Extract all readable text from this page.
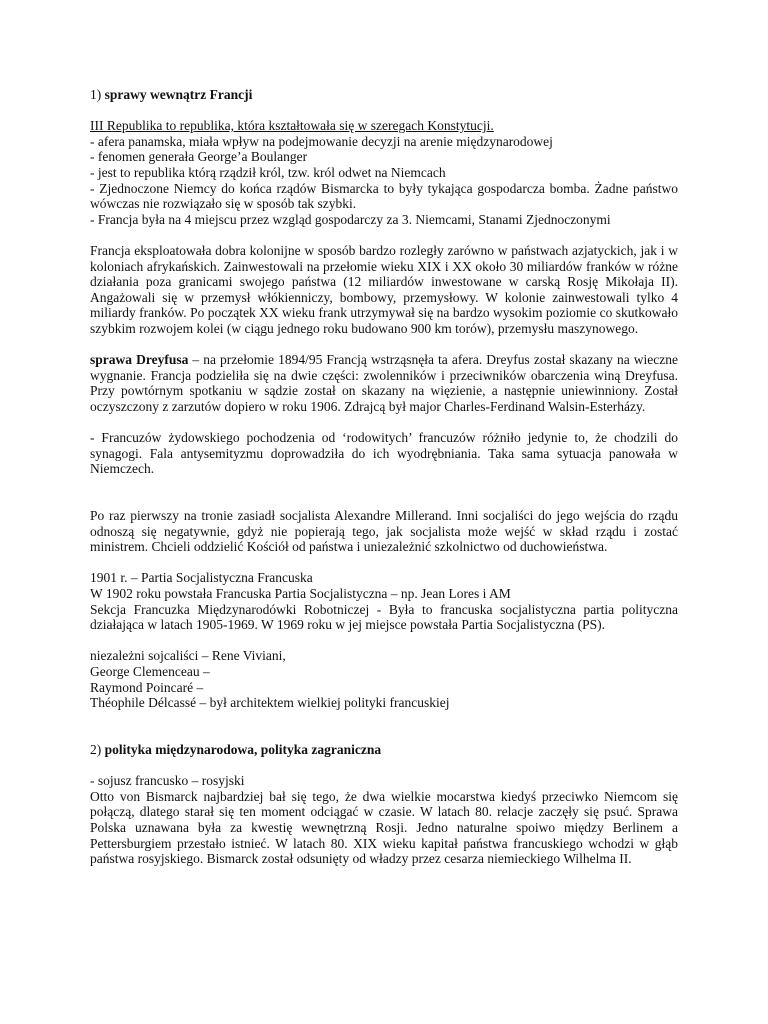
1) sprawy wewnątrz Francji

III Republika to republika, która kształtowała się w szeregach Konstytucji.

- afera panamska, miała wpływ na podejmowanie decyzji na arenie międzynarodowej

- fenomen generała George’a Boulanger

- jest to republika którą rządził król, tzw. król odwet na Niemcach

- Zjednoczone Niemcy do końca rządów Bismarcka to były tykająca gospodarcza bomba. Żadne państwo wówczas nie rozwiązało się w sposób tak szybki.

- Francja była na 4 miejscu przez wzgląd gospodarczy za 3. Niemcami, Stanami Zjednoczonymi

Francja eksploatowała dobra kolonijne w sposób bardzo rozległy zarówno w państwach azjatyckich, jak i w koloniach afrykańskich. Zainwestowali na przełomie wieku XIX i XX około 30 miliardów franków w różne działania poza granicami swojego państwa (12 miliardów inwestowane w carską Rosję Mikołaja II). Angażowali się w przemysł włókienniczy, bombowy, przemysłowy. W kolonie zainwestowali tylko 4 miliardy franków. Po początek XX wieku frank utrzymywał się na bardzo wysokim poziomie co skutkowało szybkim rozwojem kolei (w ciągu jednego roku budowano 900 km torów), przemysłu maszynowego.

sprawa Dreyfusa – na przełomie 1894/95 Francją wstrząsnęła ta afera. Dreyfus został skazany na wieczne wygnanie. Francja podzieliła się na dwie części: zwolenników i przeciwników obarczenia winą Dreyfusa. Przy powtórnym spotkaniu w sądzie został on skazany na więzienie, a następnie uniewinniony. Został oczyszczony z zarzutów dopiero w roku 1906. Zdrajcą był major Charles-Ferdinand Walsin-Esterházy.

- Francuzów żydowskiego pochodzenia od ‘rodowitych’ francuzów różniło jedynie to, że chodzili do synagogi. Fala antysemityzmu doprowadziła do ich wyodrębniania. Taka sama sytuacja panowała w Niemczech.

Po raz pierwszy na tronie zasiadł socjalista Alexandre Millerand. Inni socjaliści do jego wejścia do rządu odnoszą się negatywnie, gdyż nie popierają tego, jak socjalista może wejść w skład rządu i zostać ministrem. Chcieli oddzielić Kościół od państwa i uniezależnić szkolnictwo od duchowieństwa.

1901 r. – Partia Socjalistyczna Francuska

W 1902 roku powstała Francuska Partia Socjalistyczna – np. Jean Lores i AM

Sekcja Francuzka Międzynarodówki Robotniczej - Była to francuska socjalistyczna partia polityczna działająca w latach 1905-1969. W 1969 roku w jej miejsce powstała Partia Socjalistyczna (PS).

niezależni sojcaliści – Rene Viviani,

George Clemenceau –

Raymond Poincaré –

Théophile Délcassé – był architektem wielkiej polityki francuskiej

2) polityka międzynarodowa, polityka zagraniczna

- sojusz francusko – rosyjski

Otto von Bismarck najbardziej bał się tego, że dwa wielkie mocarstwa kiedyś przeciwko Niemcom się połączą, dlatego starał się ten moment odciągać w czasie. W latach 80. relacje zaczęły się psuć. Sprawa Polska uznawana była za kwestię wewnętrzną Rosji. Jedno naturalne spoiwo między Berlinem a Pettersburgiem przestało istnieć. W latach 80. XIX wieku kapitał państwa francuskiego wchodzi w głąb państwa rosyjskiego. Bismarck został odsunięty od władzy przez cesarza niemieckiego Wilhelma II.
